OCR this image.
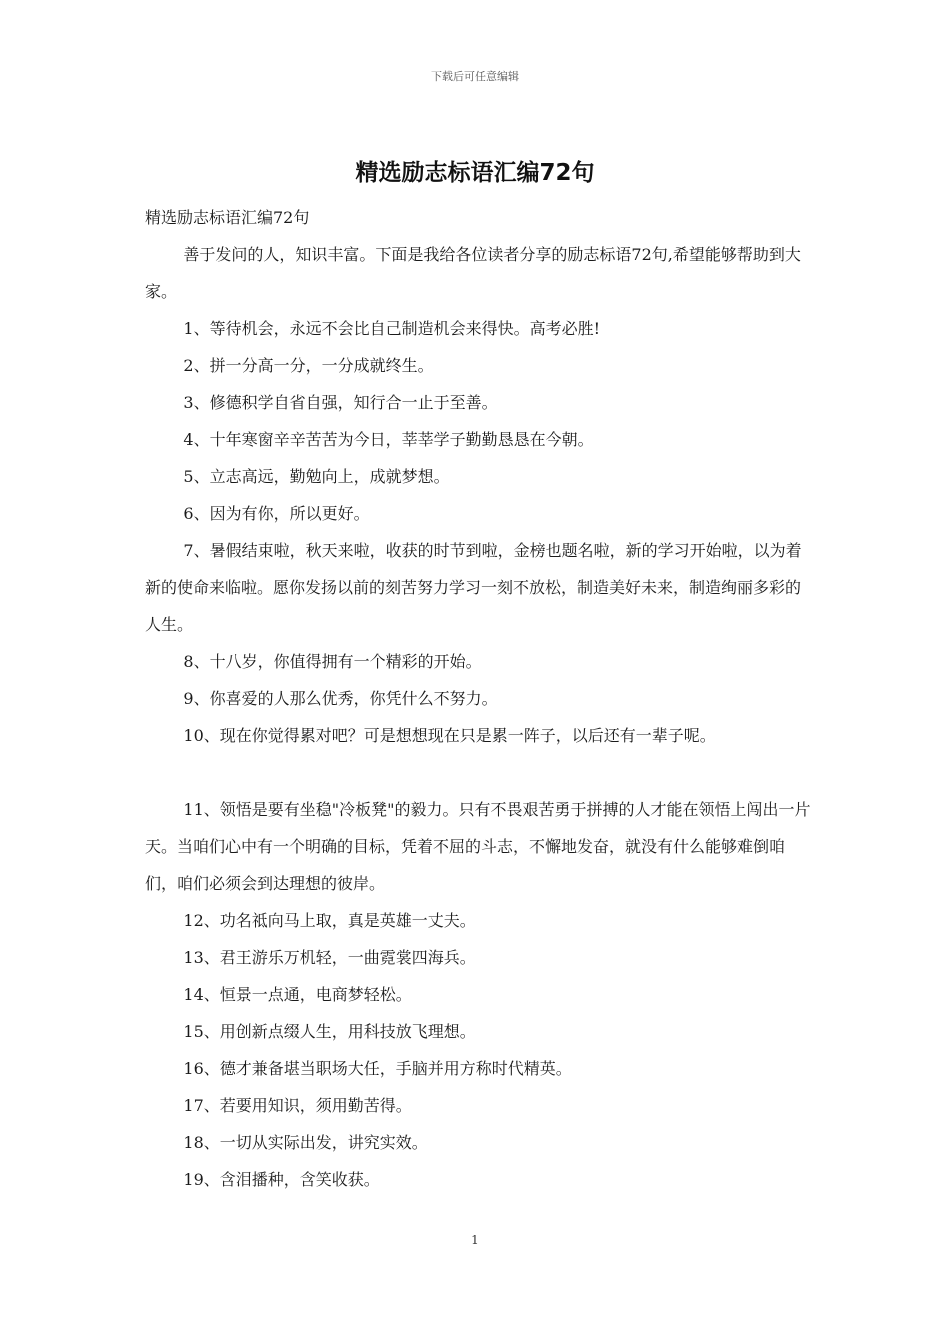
下载后可任意编辑
精选励志标语汇编72句

精选励志标语汇编72句

善于发问的人，知识丰富。下面是我给各位读者分享的励志标语72句,希望能够帮助到大家。

1、等待机会，永远不会比自己制造机会来得快。高考必胜!

2、拼一分高一分，一分成就终生。

3、修德积学自省自强，知行合一止于至善。

4、十年寒窗辛辛苦苦为今日，莘莘学子勤勤恳恳在今朝。

5、立志高远，勤勉向上，成就梦想。

6、因为有你，所以更好。

7、暑假结束啦，秋天来啦，收获的时节到啦，金榜也题名啦，新的学习开始啦，以为着新的使命来临啦。愿你发扬以前的刻苦努力学习一刻不放松，制造美好未来，制造绚丽多彩的人生。

8、十八岁，你值得拥有一个精彩的开始。

9、你喜爱的人那么优秀，你凭什么不努力。

10、现在你觉得累对吧？可是想想现在只是累一阵子，以后还有一辈子呢。

11、领悟是要有坐稳"冷板凳"的毅力。只有不畏艰苦勇于拼搏的人才能在领悟上闯出一片天。当咱们心中有一个明确的目标，凭着不屈的斗志，不懈地发奋，就没有什么能够难倒咱们，咱们必须会到达理想的彼岸。

12、功名祗向马上取，真是英雄一丈夫。

13、君王游乐万机轻，一曲霓裳四海兵。

14、恒景一点通，电商梦轻松。

15、用创新点缀人生，用科技放飞理想。

16、德才兼备堪当职场大任，手脑并用方称时代精英。

17、若要用知识，须用勤苦得。

18、一切从实际出发，讲究实效。

19、含泪播种，含笑收获。

1
